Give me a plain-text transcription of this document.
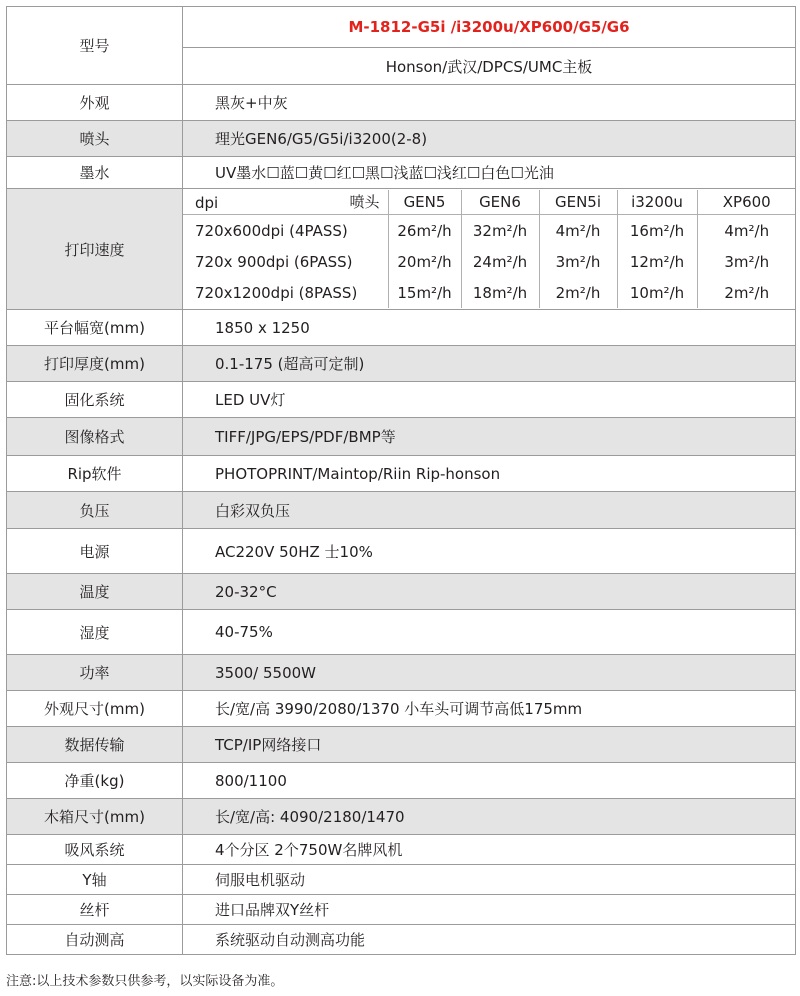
型号	M-1812-G5i /i3200u/XP600/G5/G6
Honson/武汉/DPCS/UMC主板
外观	黑灰+中灰
喷头	理光GEN6/G5/G5i/i3200(2-8)
墨水	UV墨水☐蓝☐黄☐红☐黑☐浅蓝☐浅红☐白色☐光油
打印速度	
dpi	喷头	GEN5	GEN6	GEN5i	i3200u	XP600
720x600dpi (4PASS)	26m²/h	32m²/h	4m²/h	16m²/h	4m²/h
720x 900dpi (6PASS)	20m²/h	24m²/h	3m²/h	12m²/h	3m²/h
720x1200dpi (8PASS)	15m²/h	18m²/h	2m²/h	10m²/h	2m²/h

平台幅宽(mm)	1850 x 1250
打印厚度(mm)	0.1-175 (超高可定制)
固化系统	LED UV灯
图像格式	TIFF/JPG/EPS/PDF/BMP等
Rip软件	PHOTOPRINT/Maintop/Riin Rip-honson
负压	白彩双负压
电源	AC220V 50HZ 士10%
温度	20-32°C
湿度	40-75%
功率	3500/ 5500W
外观尺寸(mm)	长/宽/高 3990/2080/1370 小车头可调节高低175mm
数据传输	TCP/IP网络接口
净重(kg)	800/1100
木箱尺寸(mm)	长/宽/高: 4090/2180/1470
吸风系统	4个分区 2个750W名牌风机
Y轴	伺服电机驱动
丝杆	进口品牌双Y丝杆
自动测高	系统驱动自动测高功能
注意:以上技术参数只供参考，以实际设备为准。
